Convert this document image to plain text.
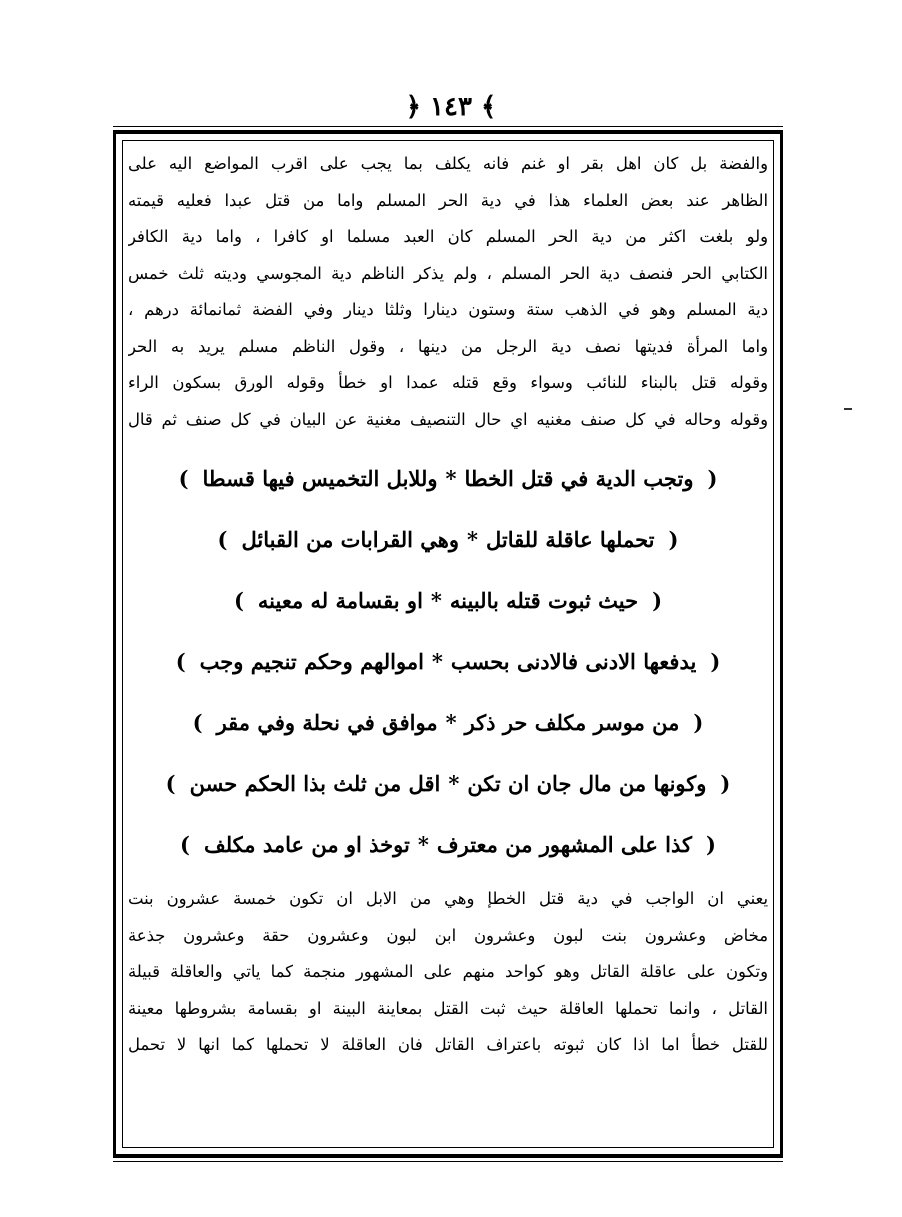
﴿ ١٤٣ ﴾
والفضة بل كان اهل بقر او غنم فانه يكلف بما يجب على اقرب المواضع اليه على
الظاهر عند بعض العلماء هذا في دية الحر المسلم واما من قتل عبدا فعليه قيمته
ولو بلغت اكثر من دية الحر المسلم كان العبد مسلما او كافرا ، واما دية الكافر
الكتابي الحر فنصف دية الحر المسلم ، ولم يذكر الناظم دية المجوسي وديته ثلث خمس
دية المسلم وهو في الذهب ستة وستون دينارا وثلثا دينار وفي الفضة ثمانمائة درهم ،
واما المرأة فديتها نصف دية الرجل من دينها ، وقول الناظم مسلم يريد به الحر
وقوله قتل بالبناء للنائب وسواء وقع قتله عمدا او خطأ وقوله الورق بسكون الراء
وقوله وحاله في كل صنف مغنيه اي حال التنصيف مغنية عن البيان في كل صنف ثم قال
(وتجب الدية في قتل الخطا*وللابل التخميس فيها قسطا)
(تحملها عاقلة للقاتل*وهي القرابات من القبائل)
(حيث ثبوت قتله بالبينه*او بقسامة له معينه)
(يدفعها الادنى فالادنى بحسب*اموالهم وحكم تنجيم وجب)
(من موسر مكلف حر ذكر*موافق في نحلة وفي مقر)
(وكونها من مال جان ان تكن*اقل من ثلث بذا الحكم حسن)
(كذا على المشهور من معترف*توخذ او من عامد مكلف)
يعني ان الواجب في دية قتل الخطإ وهي من الابل ان تكون خمسة عشرون بنت
مخاض وعشرون بنت لبون وعشرون ابن لبون وعشرون حقة وعشرون جذعة
وتكون على عاقلة القاتل وهو كواحد منهم على المشهور منجمة كما ياتي والعاقلة قبيلة
القاتل ، وانما تحملها العاقلة حيث ثبت القتل بمعاينة البينة او بقسامة بشروطها معينة
للقتل خطأ اما اذا كان ثبوته باعتراف القاتل فان العاقلة لا تحملها كما انها لا تحمل
